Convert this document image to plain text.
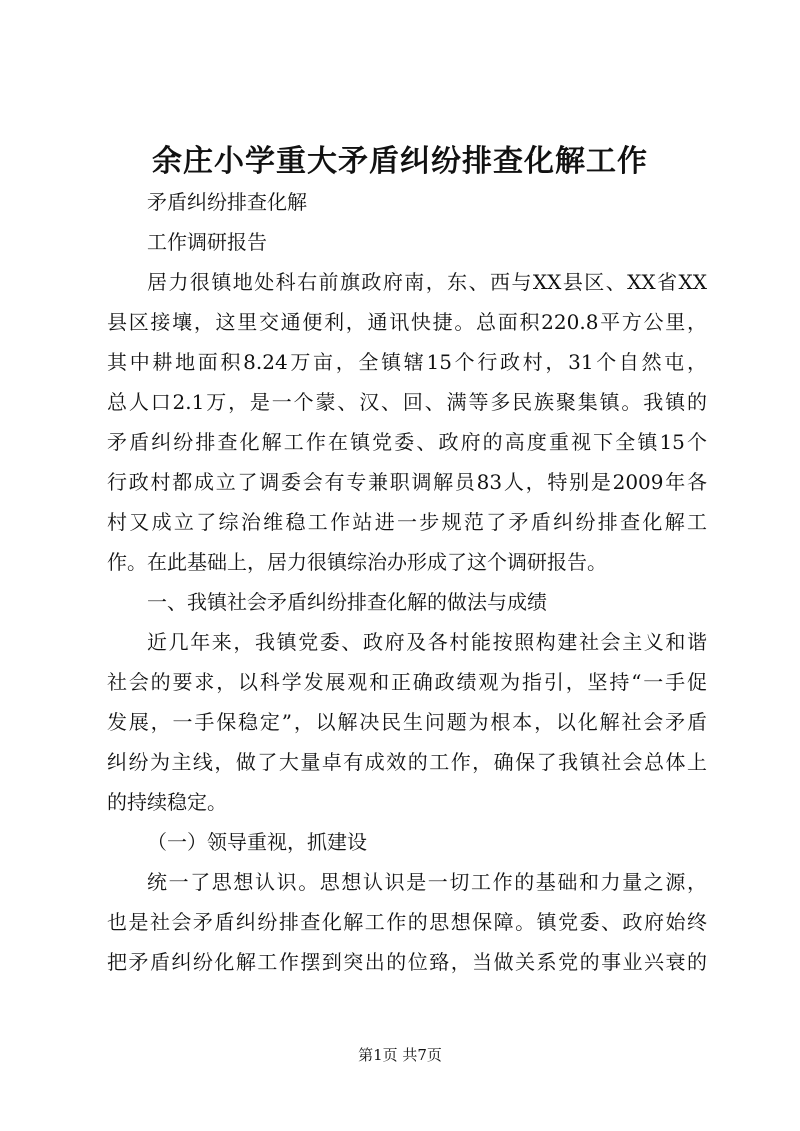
余庄小学重大矛盾纠纷排查化解工作
矛盾纠纷排查化解
工作调研报告
居力很镇地处科右前旗政府南，东、西与XX县区、XX省XX
县区接壤，这里交通便利，通讯快捷。总面积220.8平方公里，
其中耕地面积8.24万亩，全镇辖15个行政村，31个自然屯，
总人口2.1万，是一个蒙、汉、回、满等多民族聚集镇。我镇的
矛盾纠纷排查化解工作在镇党委、政府的高度重视下全镇15个
行政村都成立了调委会有专兼职调解员83人，特别是2009年各
村又成立了综治维稳工作站进一步规范了矛盾纠纷排查化解工
作。在此基础上，居力很镇综治办形成了这个调研报告。
一、我镇社会矛盾纠纷排查化解的做法与成绩
近几年来，我镇党委、政府及各村能按照构建社会主义和谐
社会的要求，以科学发展观和正确政绩观为指引，坚持“一手促
发展，一手保稳定”，以解决民生问题为根本，以化解社会矛盾
纠纷为主线，做了大量卓有成效的工作，确保了我镇社会总体上
的持续稳定。
（一）领导重视，抓建设
统一了思想认识。思想认识是一切工作的基础和力量之源，
也是社会矛盾纠纷排查化解工作的思想保障。镇党委、政府始终
把矛盾纠纷化解工作摆到突出的位臵，当做关系党的事业兴衰的
第1页 共7页
